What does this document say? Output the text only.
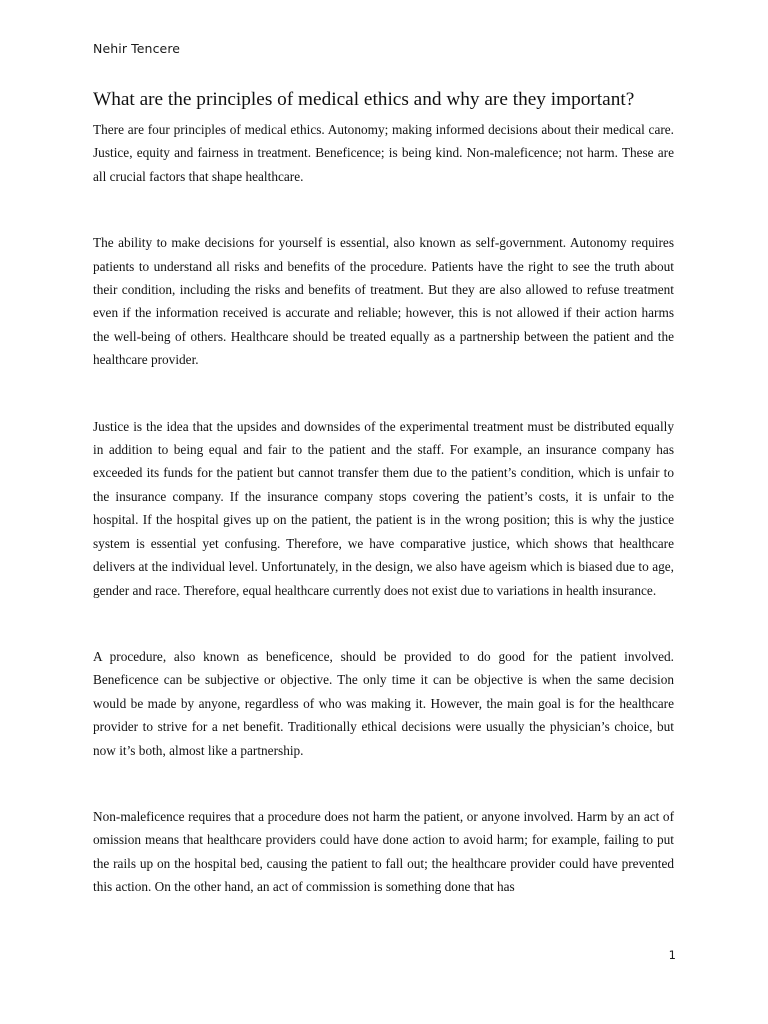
Nehir Tencere
What are the principles of medical ethics and why are they important?

There are four principles of medical ethics. Autonomy; making informed decisions about their medical care. Justice, equity and fairness in treatment. Beneficence; is being kind. Non-maleficence; not harm. These are all crucial factors that shape healthcare.

The ability to make decisions for yourself is essential, also known as self-government. Autonomy requires patients to understand all risks and benefits of the procedure. Patients have the right to see the truth about their condition, including the risks and benefits of treatment. But they are also allowed to refuse treatment even if the information received is accurate and reliable; however, this is not allowed if their action harms the well-being of others. Healthcare should be treated equally as a partnership between the patient and the healthcare provider.

Justice is the idea that the upsides and downsides of the experimental treatment must be distributed equally in addition to being equal and fair to the patient and the staff. For example, an insurance company has exceeded its funds for the patient but cannot transfer them due to the patient’s condition, which is unfair to the insurance company. If the insurance company stops covering the patient’s costs, it is unfair to the hospital. If the hospital gives up on the patient, the patient is in the wrong position; this is why the justice system is essential yet confusing. Therefore, we have comparative justice, which shows that healthcare delivers at the individual level. Unfortunately, in the design, we also have ageism which is biased due to age, gender and race. Therefore, equal healthcare currently does not exist due to variations in health insurance.

A procedure, also known as beneficence, should be provided to do good for the patient involved. Beneficence can be subjective or objective. The only time it can be objective is when the same decision would be made by anyone, regardless of who was making it. However, the main goal is for the healthcare provider to strive for a net benefit. Traditionally ethical decisions were usually the physician’s choice, but now it’s both, almost like a partnership.

Non-maleficence requires that a procedure does not harm the patient, or anyone involved. Harm by an act of omission means that healthcare providers could have done action to avoid harm; for example, failing to put the rails up on the hospital bed, causing the patient to fall out; the healthcare provider could have prevented this action. On the other hand, an act of commission is something done that has

1
